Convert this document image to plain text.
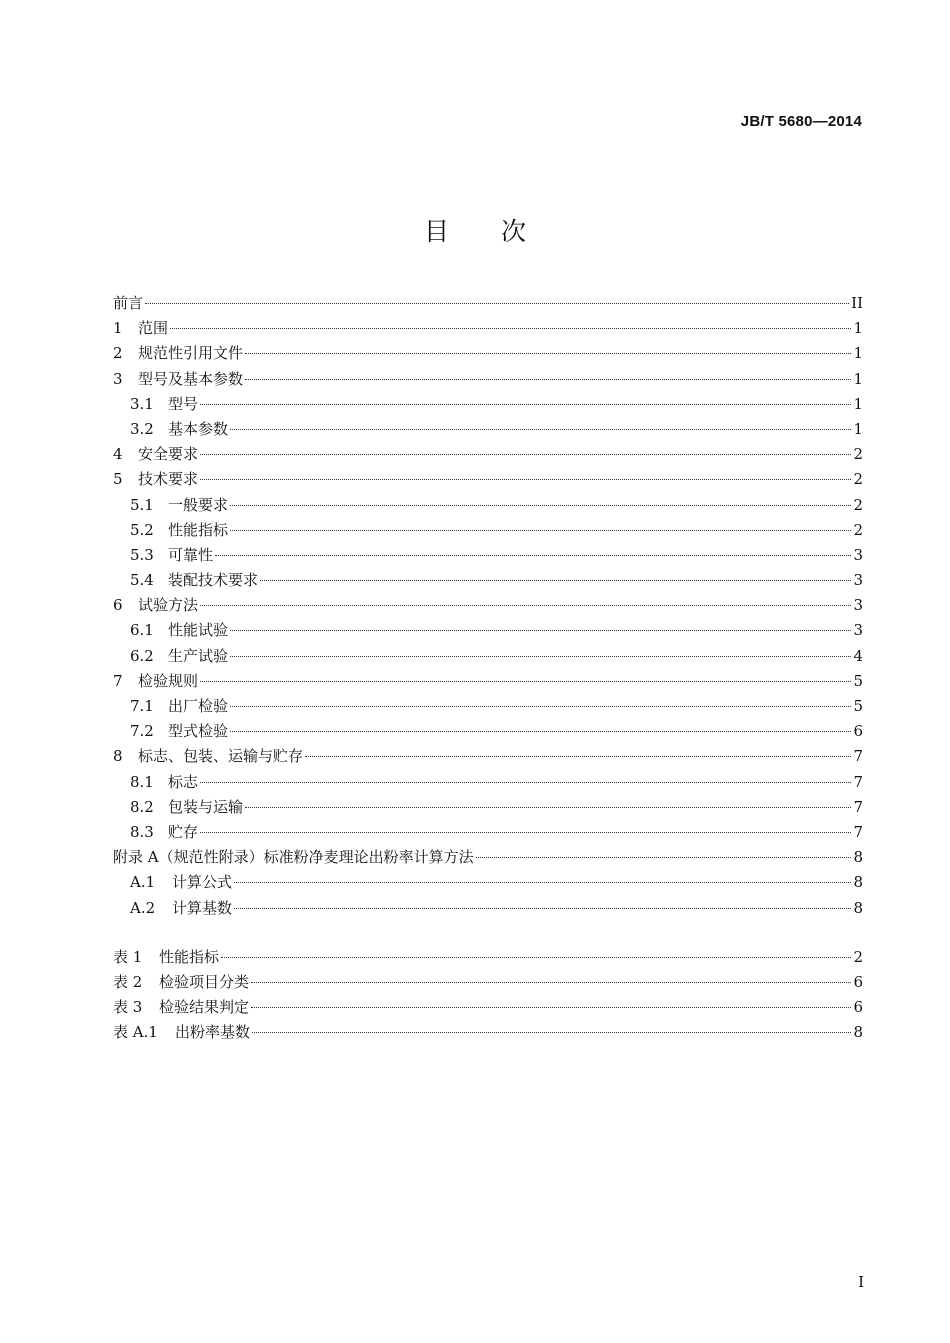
JB/T 5680—2014
目次
前言	II
1	范围	1
2	规范性引用文件	1
3	型号及基本参数	1
3.1 型号	1
3.2 基本参数	1
4	安全要求	2
5	技术要求	2
5.1 一般要求	2
5.2 性能指标	2
5.3 可靠性	3
5.4 装配技术要求	3
6	试验方法	3
6.1 性能试验	3
6.2 生产试验	4
7	检验规则	5
7.1 出厂检验	5
7.2 型式检验	6
8	标志、包装、运输与贮存	7
8.1 标志	7
8.2 包装与运输	7
8.3 贮存	7
附录 A（规范性附录）标准粉净麦理论出粉率计算方法	8
A.1	计算公式	8
A.2	计算基数	8
表 1	性能指标	2
表 2	检验项目分类	6
表 3	检验结果判定	6
表 A.1	出粉率基数	8
I
